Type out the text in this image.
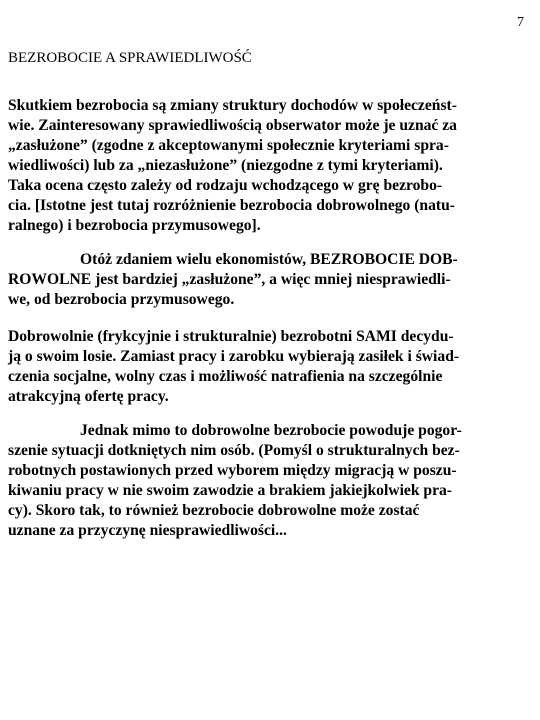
7
BEZROBOCIE A SPRAWIEDLIWOŚĆ

Skutkiem bezrobocia są zmiany struktury dochodów w społeczeńst-
wie. Zainteresowany sprawiedliwością obserwator może je uznać za
„zasłużone” (zgodne z akceptowanymi społecznie kryteriami spra-
wiedliwości) lub za „niezasłużone” (niezgodne z tymi kryteriami).
Taka ocena często zależy od rodzaju wchodzącego w grę bezrobo-
cia. [Istotne jest tutaj rozróżnienie bezrobocia dobrowolnego (natu-
ralnego) i bezrobocia przymusowego].

Otóż zdaniem wielu ekonomistów, BEZROBOCIE DOB-
ROWOLNE jest bardziej „zasłużone”, a więc mniej niesprawiedli-
we, od bezrobocia przymusowego.

Dobrowolnie (frykcyjnie i strukturalnie) bezrobotni SAMI decydu-
ją o swoim losie. Zamiast pracy i zarobku wybierają zasiłek i świad-
czenia socjalne, wolny czas i możliwość natrafienia na szczególnie
atrakcyjną ofertę pracy.

Jednak mimo to dobrowolne bezrobocie powoduje pogor-
szenie sytuacji dotkniętych nim osób. (Pomyśl o strukturalnych bez-
robotnych postawionych przed wyborem między migracją w poszu-
kiwaniu pracy w nie swoim zawodzie a brakiem jakiejkolwiek pra-
cy). Skoro tak, to również bezrobocie dobrowolne może zostać
uznane za przyczynę niesprawiedliwości...
